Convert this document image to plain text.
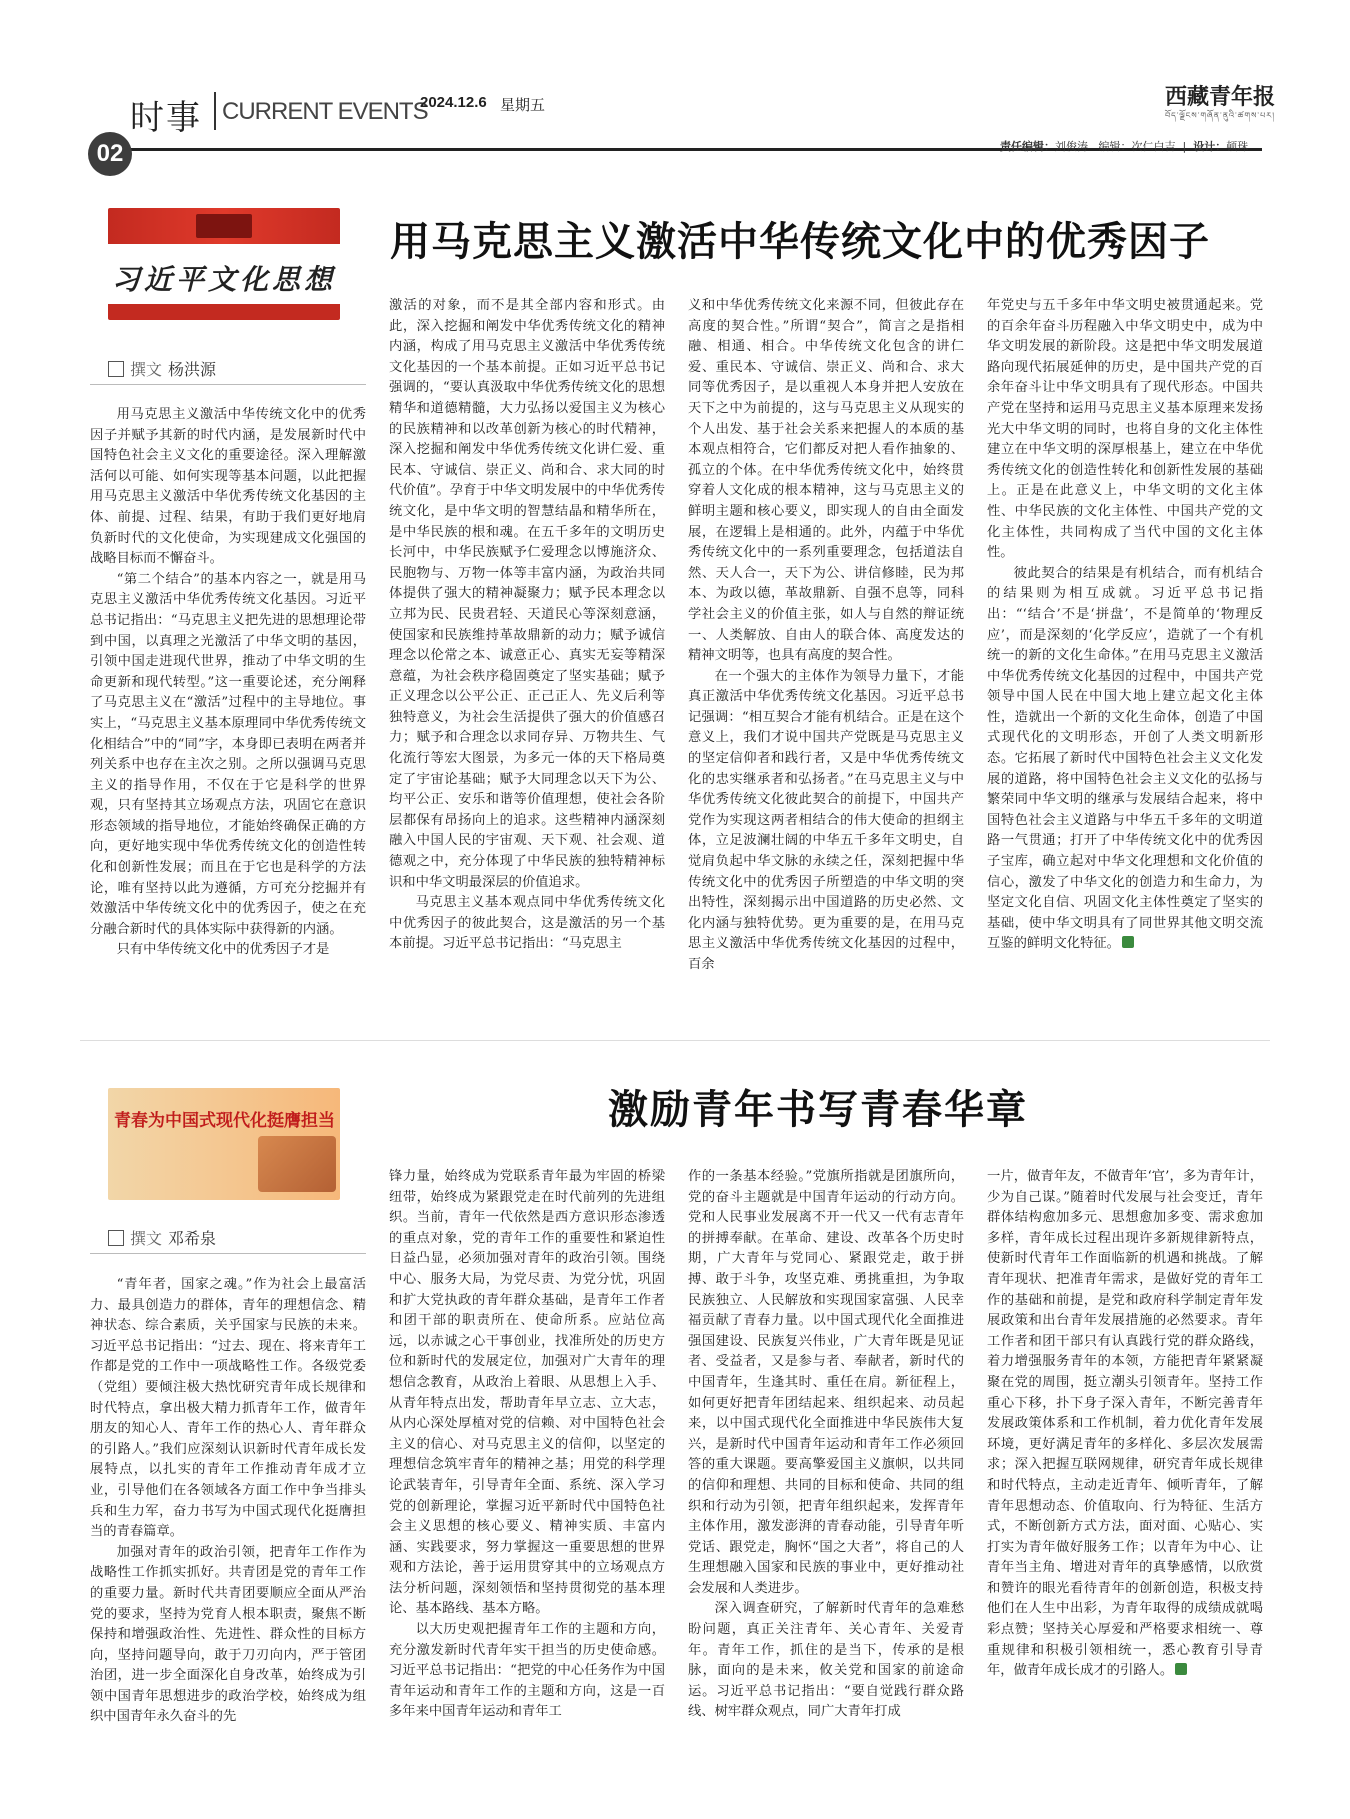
时事 CURRENT EVENTS
02
2024.12.6 星期五	西藏青年报
བོད་ལྗོངས་གཞོན་ནུའི་ཚགས་པར།
责任编辑：刘俊涛 编辑：次仁白吉  |  设计：顿珠
习近平文化思想
用马克思主义激活中华传统文化中的优秀因子
撰文 杨洪源

用马克思主义激活中华传统文化中的优秀因子并赋予其新的时代内涵，是发展新时代中国特色社会主义文化的重要途径。深入理解激活何以可能、如何实现等基本问题，以此把握用马克思主义激活中华优秀传统文化基因的主体、前提、过程、结果，有助于我们更好地肩负新时代的文化使命，为实现建成文化强国的战略目标而不懈奋斗。

“第二个结合”的基本内容之一，就是用马克思主义激活中华优秀传统文化基因。习近平总书记指出：“马克思主义把先进的思想理论带到中国，以真理之光激活了中华文明的基因，引领中国走进现代世界，推动了中华文明的生命更新和现代转型。”这一重要论述，充分阐释了马克思主义在“激活”过程中的主导地位。事实上，“马克思主义基本原理同中华优秀传统文化相结合”中的“同”字，本身即已表明在两者并列关系中也存在主次之别。之所以强调马克思主义的指导作用，不仅在于它是科学的世界观，只有坚持其立场观点方法，巩固它在意识形态领域的指导地位，才能始终确保正确的方向，更好地实现中华优秀传统文化的创造性转化和创新性发展；而且在于它也是科学的方法论，唯有坚持以此为遵循，方可充分挖掘并有效激活中华传统文化中的优秀因子，使之在充分融合新时代的具体实际中获得新的内涵。

只有中华传统文化中的优秀因子才是

激活的对象，而不是其全部内容和形式。由此，深入挖掘和阐发中华优秀传统文化的精神内涵，构成了用马克思主义激活中华优秀传统文化基因的一个基本前提。正如习近平总书记强调的，“要认真汲取中华优秀传统文化的思想精华和道德精髓，大力弘扬以爱国主义为核心的民族精神和以改革创新为核心的时代精神，深入挖掘和阐发中华优秀传统文化讲仁爱、重民本、守诚信、崇正义、尚和合、求大同的时代价值”。孕育于中华文明发展中的中华优秀传统文化，是中华文明的智慧结晶和精华所在，是中华民族的根和魂。在五千多年的文明历史长河中，中华民族赋予仁爱理念以博施济众、民胞物与、万物一体等丰富内涵，为政治共同体提供了强大的精神凝聚力；赋予民本理念以立邦为民、民贵君轻、天道民心等深刻意涵，使国家和民族维持革故鼎新的动力；赋予诚信理念以伦常之本、诚意正心、真实无妄等精深意蕴，为社会秩序稳固奠定了坚实基础；赋予正义理念以公平公正、正己正人、先义后利等独特意义，为社会生活提供了强大的价值感召力；赋予和合理念以求同存异、万物共生、气化流行等宏大图景，为多元一体的天下格局奠定了宇宙论基础；赋予大同理念以天下为公、均平公正、安乐和谐等价值理想，使社会各阶层都保有昂扬向上的追求。这些精神内涵深刻融入中国人民的宇宙观、天下观、社会观、道德观之中，充分体现了中华民族的独特精神标识和中华文明最深层的价值追求。

马克思主义基本观点同中华优秀传统文化中优秀因子的彼此契合，这是激活的另一个基本前提。习近平总书记指出：“马克思主

义和中华优秀传统文化来源不同，但彼此存在高度的契合性。”所谓“契合”，简言之是指相融、相通、相合。中华传统文化包含的讲仁爱、重民本、守诚信、崇正义、尚和合、求大同等优秀因子，是以重视人本身并把人安放在天下之中为前提的，这与马克思主义从现实的个人出发、基于社会关系来把握人的本质的基本观点相符合，它们都反对把人看作抽象的、孤立的个体。在中华优秀传统文化中，始终贯穿着人文化成的根本精神，这与马克思主义的鲜明主题和核心要义，即实现人的自由全面发展，在逻辑上是相通的。此外，内蕴于中华优秀传统文化中的一系列重要理念，包括道法自然、天人合一，天下为公、讲信修睦，民为邦本、为政以德，革故鼎新、自强不息等，同科学社会主义的价值主张，如人与自然的辩证统一、人类解放、自由人的联合体、高度发达的精神文明等，也具有高度的契合性。

在一个强大的主体作为领导力量下，才能真正激活中华优秀传统文化基因。习近平总书记强调：“相互契合才能有机结合。正是在这个意义上，我们才说中国共产党既是马克思主义的坚定信仰者和践行者，又是中华优秀传统文化的忠实继承者和弘扬者。”在马克思主义与中华优秀传统文化彼此契合的前提下，中国共产党作为实现这两者相结合的伟大使命的担纲主体，立足波澜壮阔的中华五千多年文明史，自觉肩负起中华文脉的永续之任，深刻把握中华传统文化中的优秀因子所塑造的中华文明的突出特性，深刻揭示出中国道路的历史必然、文化内涵与独特优势。更为重要的是，在用马克思主义激活中华优秀传统文化基因的过程中，百余

年党史与五千多年中华文明史被贯通起来。党的百余年奋斗历程融入中华文明史中，成为中华文明发展的新阶段。这是把中华文明发展道路向现代拓展延伸的历史，是中国共产党的百余年奋斗让中华文明具有了现代形态。中国共产党在坚持和运用马克思主义基本原理来发扬光大中华文明的同时，也将自身的文化主体性建立在中华文明的深厚根基上，建立在中华优秀传统文化的创造性转化和创新性发展的基础上。正是在此意义上，中华文明的文化主体性、中华民族的文化主体性、中国共产党的文化主体性，共同构成了当代中国的文化主体性。

彼此契合的结果是有机结合，而有机结合的结果则为相互成就。习近平总书记指出：“‘结合’不是‘拼盘’，不是简单的‘物理反应’，而是深刻的‘化学反应’，造就了一个有机统一的新的文化生命体。”在用马克思主义激活中华优秀传统文化基因的过程中，中国共产党领导中国人民在中国大地上建立起文化主体性，造就出一个新的文化生命体，创造了中国式现代化的文明形态，开创了人类文明新形态。它拓展了新时代中国特色社会主义文化发展的道路，将中国特色社会主义文化的弘扬与繁荣同中华文明的继承与发展结合起来，将中国特色社会主义道路与中华五千多年的文明道路一气贯通；打开了中华传统文化中的优秀因子宝库，确立起对中华文化理想和文化价值的信心，激发了中华文化的创造力和生命力，为坚定文化自信、巩固文化主体性奠定了坚实的基础，使中华文明具有了同世界其他文明交流互鉴的鲜明文化特征。

青春为中国式现代化挺膺担当	激励青年书写青春华章
撰文 邓希泉

“青年者，国家之魂。”作为社会上最富活力、最具创造力的群体，青年的理想信念、精神状态、综合素质，关乎国家与民族的未来。习近平总书记指出：“过去、现在、将来青年工作都是党的工作中一项战略性工作。各级党委（党组）要倾注极大热忱研究青年成长规律和时代特点，拿出极大精力抓青年工作，做青年朋友的知心人、青年工作的热心人、青年群众的引路人。”我们应深刻认识新时代青年成长发展特点，以扎实的青年工作推动青年成才立业，引导他们在各领域各方面工作中争当排头兵和生力军，奋力书写为中国式现代化挺膺担当的青春篇章。

加强对青年的政治引领，把青年工作作为战略性工作抓实抓好。共青团是党的青年工作的重要力量。新时代共青团要顺应全面从严治党的要求，坚持为党育人根本职责，聚焦不断保持和增强政治性、先进性、群众性的目标方向，坚持问题导向，敢于刀刃向内，严于管团治团，进一步全面深化自身改革，始终成为引领中国青年思想进步的政治学校，始终成为组织中国青年永久奋斗的先

锋力量，始终成为党联系青年最为牢固的桥梁纽带，始终成为紧跟党走在时代前列的先进组织。当前，青年一代依然是西方意识形态渗透的重点对象，党的青年工作的重要性和紧迫性日益凸显，必须加强对青年的政治引领。围绕中心、服务大局，为党尽责、为党分忧，巩固和扩大党执政的青年群众基础，是青年工作者和团干部的职责所在、使命所系。应站位高远，以赤诚之心干事创业，找准所处的历史方位和新时代的发展定位，加强对广大青年的理想信念教育，从政治上着眼、从思想上入手、从青年特点出发，帮助青年早立志、立大志，从内心深处厚植对党的信赖、对中国特色社会主义的信心、对马克思主义的信仰，以坚定的理想信念筑牢青年的精神之基；用党的科学理论武装青年，引导青年全面、系统、深入学习党的创新理论，掌握习近平新时代中国特色社会主义思想的核心要义、精神实质、丰富内涵、实践要求，努力掌握这一重要思想的世界观和方法论，善于运用贯穿其中的立场观点方法分析问题，深刻领悟和坚持贯彻党的基本理论、基本路线、基本方略。

以大历史观把握青年工作的主题和方向，充分激发新时代青年实干担当的历史使命感。习近平总书记指出：“把党的中心任务作为中国青年运动和青年工作的主题和方向，这是一百多年来中国青年运动和青年工

作的一条基本经验。”党旗所指就是团旗所向，党的奋斗主题就是中国青年运动的行动方向。党和人民事业发展离不开一代又一代有志青年的拼搏奉献。在革命、建设、改革各个历史时期，广大青年与党同心、紧跟党走，敢于拼搏、敢于斗争，攻坚克难、勇挑重担，为争取民族独立、人民解放和实现国家富强、人民幸福贡献了青春力量。以中国式现代化全面推进强国建设、民族复兴伟业，广大青年既是见证者、受益者，又是参与者、奉献者，新时代的中国青年，生逢其时、重任在肩。新征程上，如何更好把青年团结起来、组织起来、动员起来，以中国式现代化全面推进中华民族伟大复兴，是新时代中国青年运动和青年工作必须回答的重大课题。要高擎爱国主义旗帜，以共同的信仰和理想、共同的目标和使命、共同的组织和行动为引领，把青年组织起来，发挥青年主体作用，激发澎湃的青春动能，引导青年听党话、跟党走，胸怀“国之大者”，将自己的人生理想融入国家和民族的事业中，更好推动社会发展和人类进步。

深入调查研究，了解新时代青年的急难愁盼问题，真正关注青年、关心青年、关爱青年。青年工作，抓住的是当下，传承的是根脉，面向的是未来，攸关党和国家的前途命运。习近平总书记指出：“要自觉践行群众路线、树牢群众观点，同广大青年打成

一片，做青年友，不做青年‘官’，多为青年计，少为自己谋。”随着时代发展与社会变迁，青年群体结构愈加多元、思想愈加多变、需求愈加多样，青年成长过程出现许多新规律新特点，使新时代青年工作面临新的机遇和挑战。了解青年现状、把准青年需求，是做好党的青年工作的基础和前提，是党和政府科学制定青年发展政策和出台青年发展措施的必然要求。青年工作者和团干部只有认真践行党的群众路线，着力增强服务青年的本领，方能把青年紧紧凝聚在党的周围，挺立潮头引领青年。坚持工作重心下移，扑下身子深入青年，不断完善青年发展政策体系和工作机制，着力优化青年发展环境，更好满足青年的多样化、多层次发展需求；深入把握互联网规律，研究青年成长规律和时代特点，主动走近青年、倾听青年，了解青年思想动态、价值取向、行为特征、生活方式，不断创新方式方法，面对面、心贴心、实打实为青年做好服务工作；以青年为中心、让青年当主角、增进对青年的真挚感情，以欣赏和赞许的眼光看待青年的创新创造，积极支持他们在人生中出彩，为青年取得的成绩成就喝彩点赞；坚持关心厚爱和严格要求相统一、尊重规律和积极引领相统一，悉心教育引导青年，做青年成长成才的引路人。
